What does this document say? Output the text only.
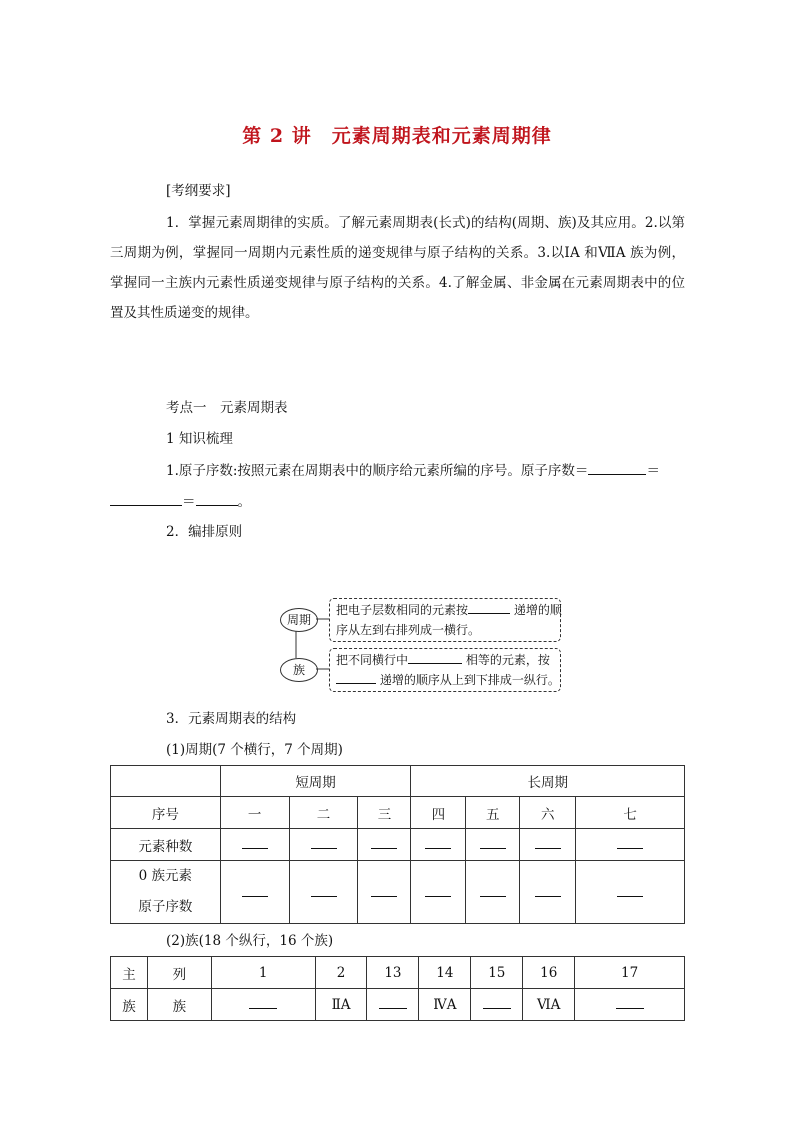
第 2 讲　元素周期表和元素周期律
[考纲要求]
1．掌握元素周期律的实质。了解元素周期表(长式)的结构(周期、族)及其应用。2.以第三周期为例，掌握同一周期内元素性质的递变规律与原子结构的关系。3.以ⅠA 和ⅦA 族为例，掌握同一主族内元素性质递变规律与原子结构的关系。4.了解金属、非金属在元素周期表中的位置及其性质递变的规律。
考点一　元素周期表
1 知识梳理
1.原子序数:按照元素在周期表中的顺序给元素所编的序号。原子序数＝	＝
＝	。
2．编排原则
周期
族
把电子层数相同的元素按	递增的顺
序从左到右排列成一横行。
把不同横行中	相等的元素，按
递增的顺序从上到下排成一纵行。
3．元素周期表的结构
(1)周期(7 个横行，7 个周期)
	短周期			长周期			
序号	一	二	三	四	五	六	七
元素种数							

0 族元素
原子序数							

(2)族(18 个纵行，16 个族)
主	列	1	2	13	14	15	16	17
族	族		ⅡA		ⅣA		ⅥA	
